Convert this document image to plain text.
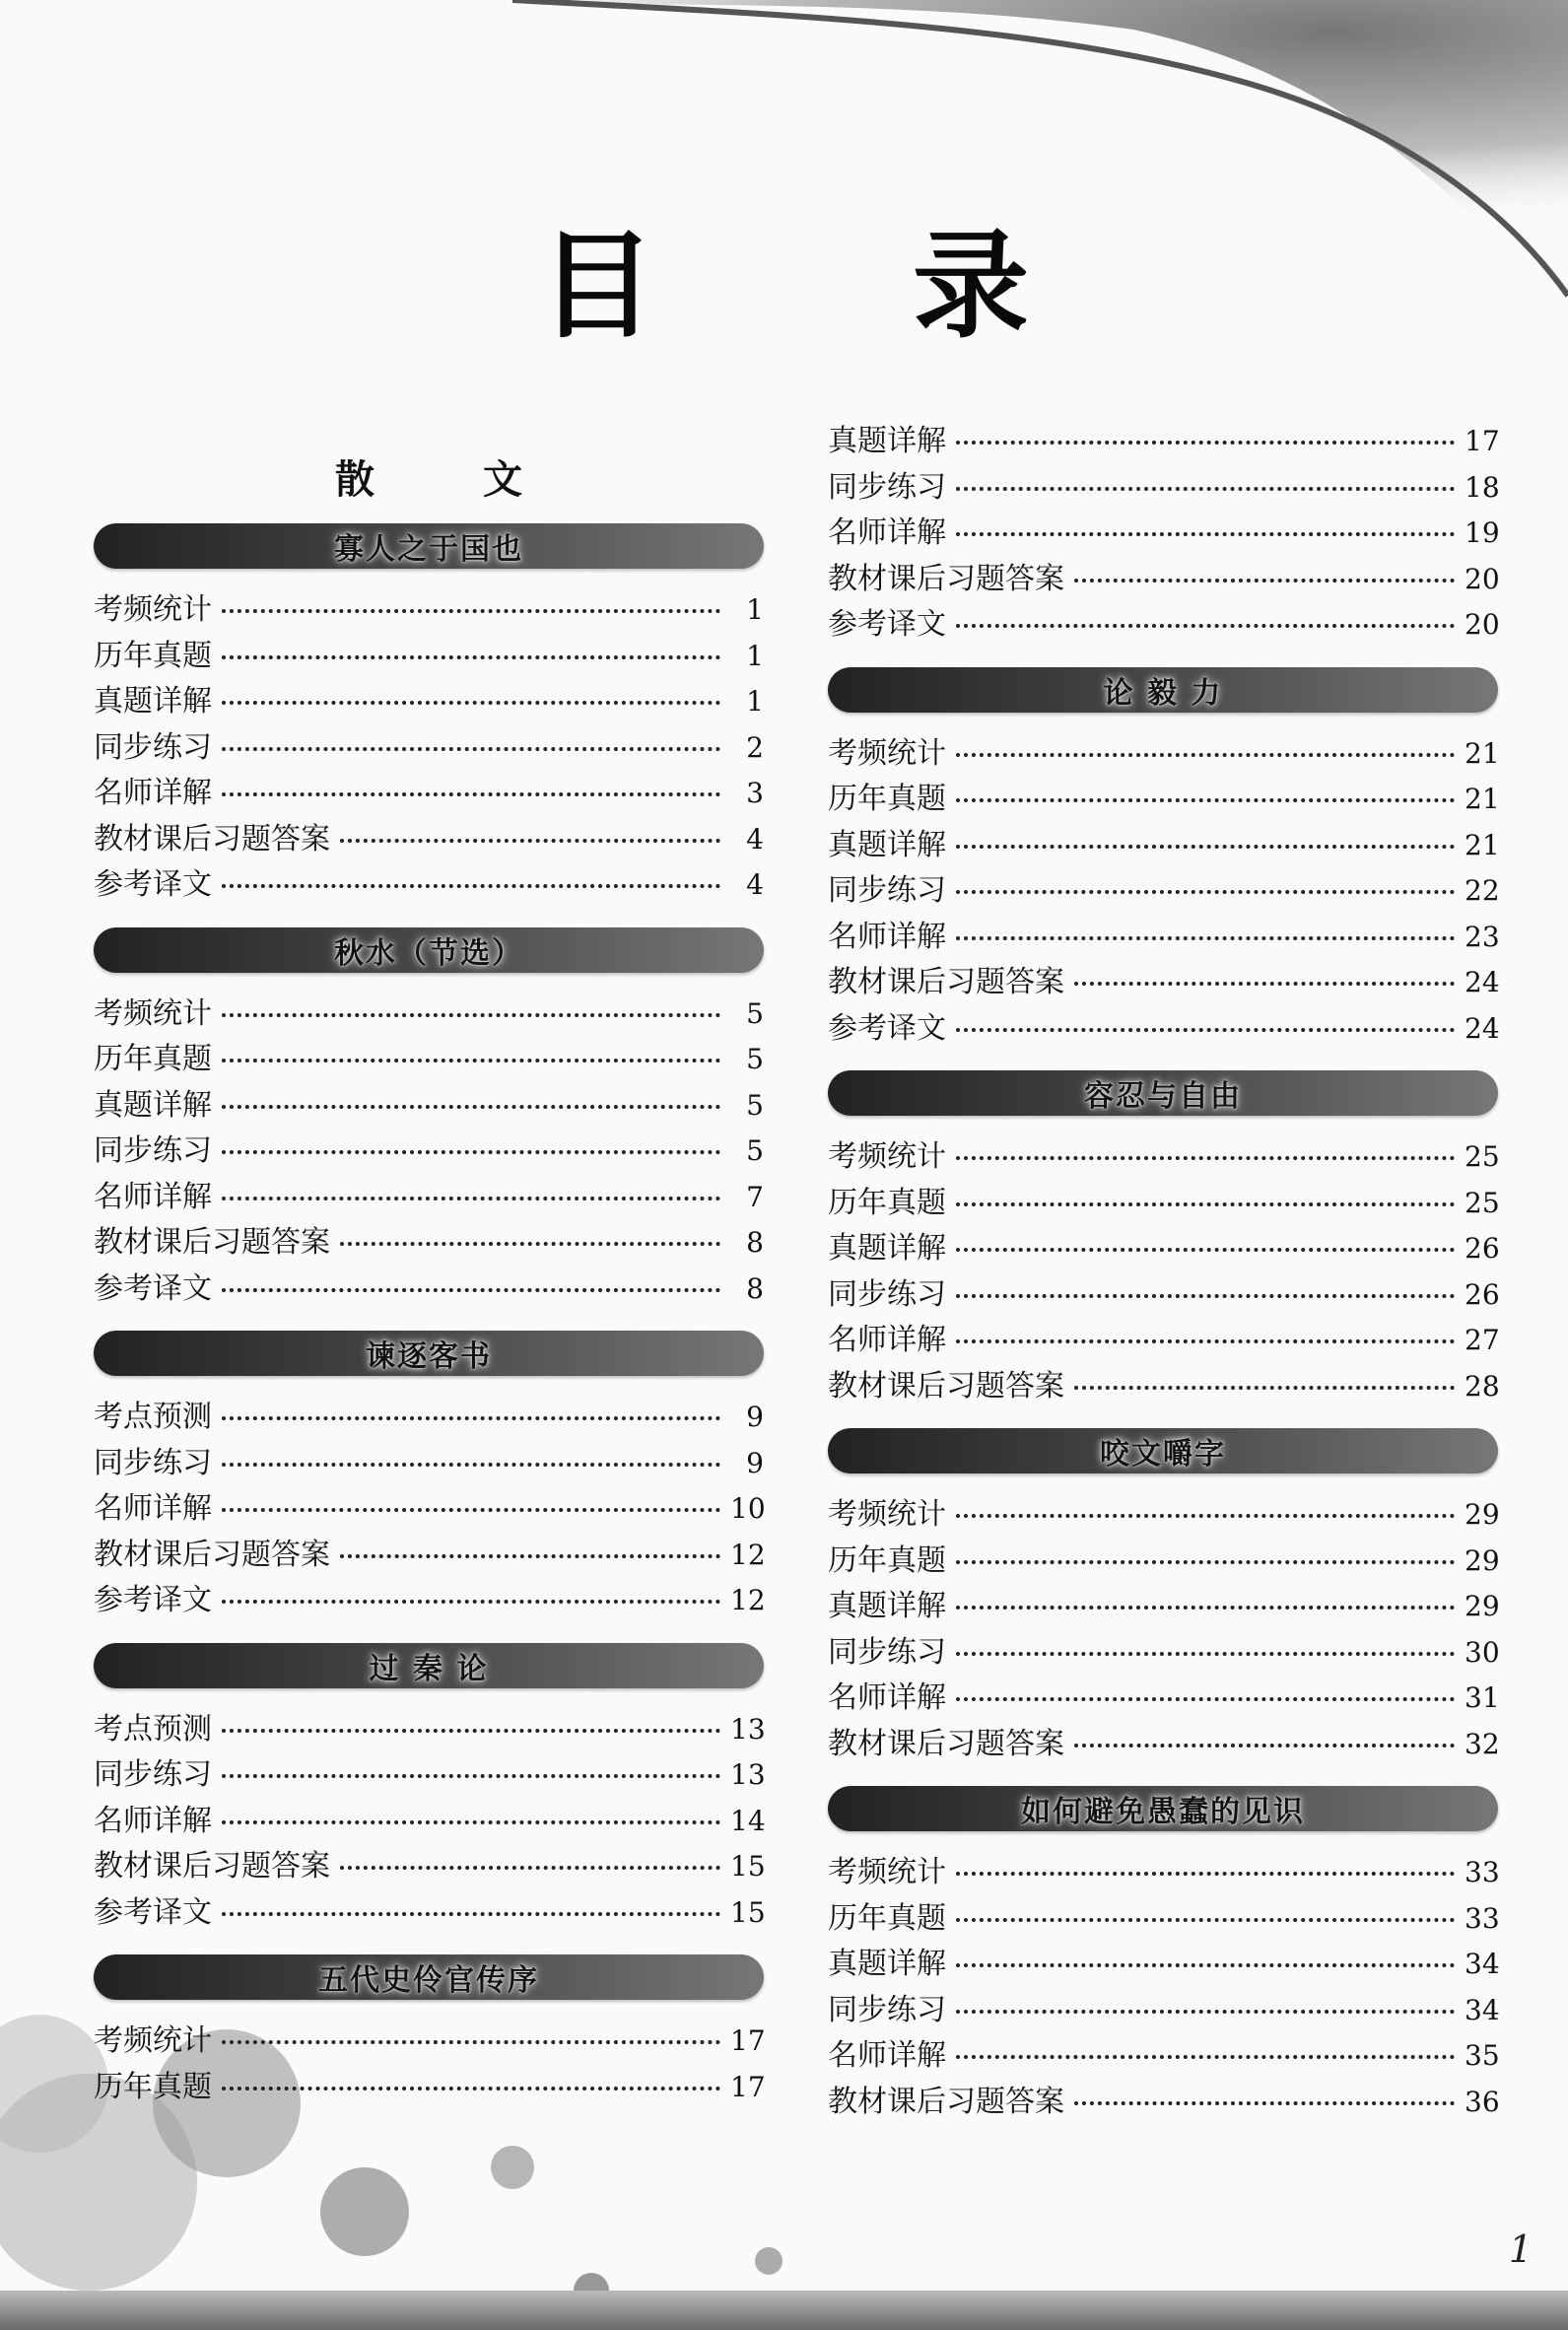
目 录
散 文
寡人之于国也
考频统计	1
历年真题	1
真题详解	1
同步练习	2
名师详解	3
教材课后习题答案	4
参考译文	4
秋水（节选）
考频统计	5
历年真题	5
真题详解	5
同步练习	5
名师详解	7
教材课后习题答案	8
参考译文	8
谏逐客书
考点预测	9
同步练习	9
名师详解	10
教材课后习题答案	12
参考译文	12
过 秦 论
考点预测	13
同步练习	13
名师详解	14
教材课后习题答案	15
参考译文	15
五代史伶官传序
考频统计	17
历年真题	17
真题详解	17
同步练习	18
名师详解	19
教材课后习题答案	20
参考译文	20
论 毅 力
考频统计	21
历年真题	21
真题详解	21
同步练习	22
名师详解	23
教材课后习题答案	24
参考译文	24
容忍与自由
考频统计	25
历年真题	25
真题详解	26
同步练习	26
名师详解	27
教材课后习题答案	28
咬文嚼字
考频统计	29
历年真题	29
真题详解	29
同步练习	30
名师详解	31
教材课后习题答案	32
如何避免愚蠢的见识
考频统计	33
历年真题	33
真题详解	34
同步练习	34
名师详解	35
教材课后习题答案	36
1
